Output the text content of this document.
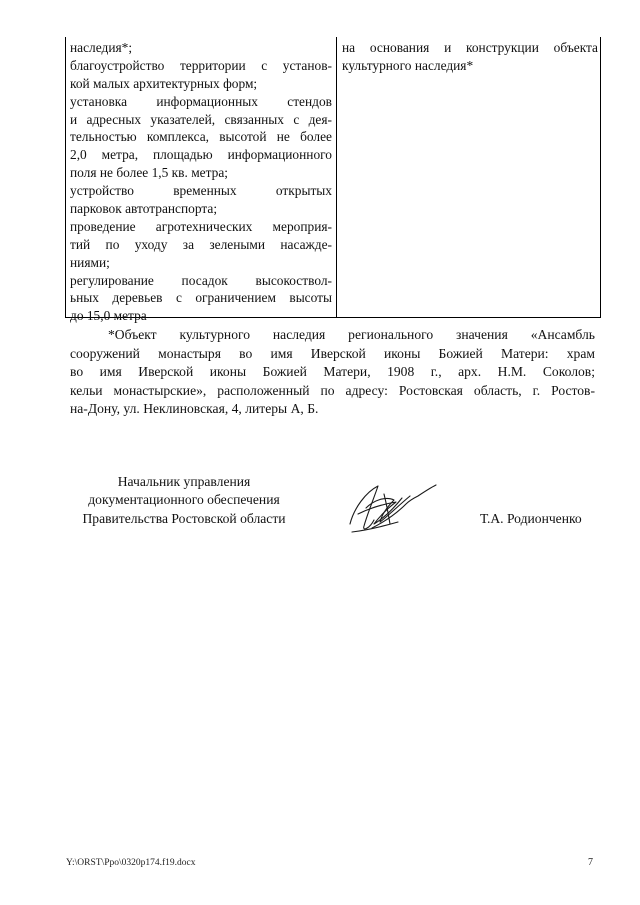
наследия*;
благоустройство территории с установ-
кой малых архитектурных форм;
установка информационных стендов
и адресных указателей, связанных с дея-
тельностью комплекса, высотой не более
2,0 метра, площадью информационного
поля не более 1,5 кв. метра;
устройство временных открытых
парковок автотранспорта;
проведение агротехнических мероприя-
тий по уходу за зелеными насажде-
ниями;
регулирование посадок высокоствол-
ьных деревьев с ограничением высоты
до 15,0 метра
на основания и конструкции объекта
культурного наследия*
*Объект культурного наследия регионального значения «Ансамбль
сооружений монастыря во имя Иверской иконы Божией Матери: храм
во имя Иверской иконы Божией Матери, 1908 г., арх. Н.М. Соколов;
кельи монастырские», расположенный по адресу: Ростовская область, г. Ростов-
на-Дону, ул. Неклиновская, 4, литеры А, Б.
Начальник управления
документационного обеспечения
Правительства Ростовской области	Т.А. Родионченко
Y:\ORST\Ppo\0320p174.f19.docx	7
